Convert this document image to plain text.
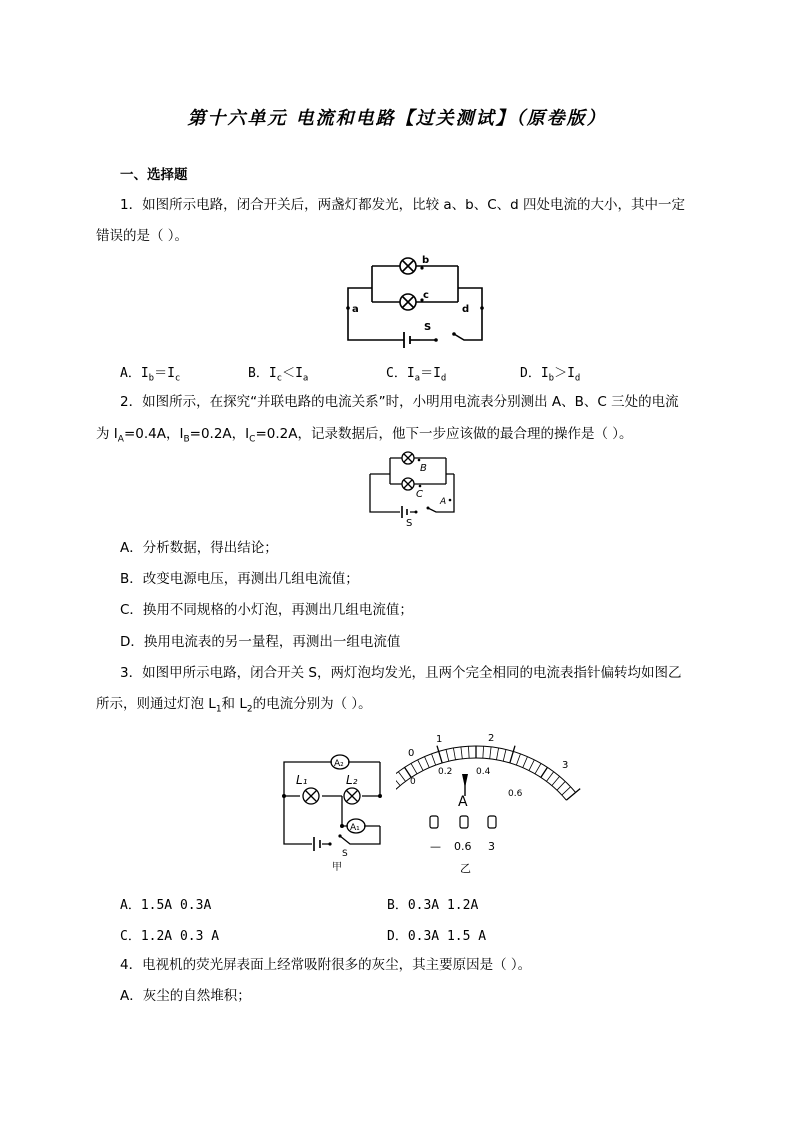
第十六单元 电流和电路【过关测试】（原卷版）
一、选择题
1．如图所示电路，闭合开关后，两盏灯都发光，比较 a、b、C、d 四处电流的大小，其中一定
错误的是（ ）。
a
b
c
d
S
A．$I_b=I_c$	B．$I_c<I_a$	C．$I_a=I_d$	D．$I_b>I_d$
2．如图所示，在探究“并联电路的电流关系”时，小明用电流表分别测出 A、B、C 三处的电流
为 $I_A=0.4A$，$I_B=0.2A$，$I_C=0.2A$，记录数据后，他下一步应该做的最合理的操作是（ ）。
B
C
A
S
A．分析数据，得出结论；
B．改变电源电压，再测出几组电流值；
C．换用不同规格的小灯泡，再测出几组电流值；
D．换用电流表的另一量程，再测出一组电流值
3．如图甲所示电路，闭合开关 S，两灯泡均发光，且两个完全相同的电流表指针偏转均如图乙
所示，则通过灯泡 $L_1$和 $L_2$的电流分别为（ ）。
A₂
A₁
L₁	L₂
S
甲
0
1	2
3
0
0.2	0.4
0.6
A
— 0.6 3
乙
A．1.5A 0.3A	B．0.3A 1.2A
C．1.2A 0.3 A	D．0.3A 1.5 A
4．电视机的荧光屏表面上经常吸附很多的灰尘，其主要原因是（ ）。
A．灰尘的自然堆积；
